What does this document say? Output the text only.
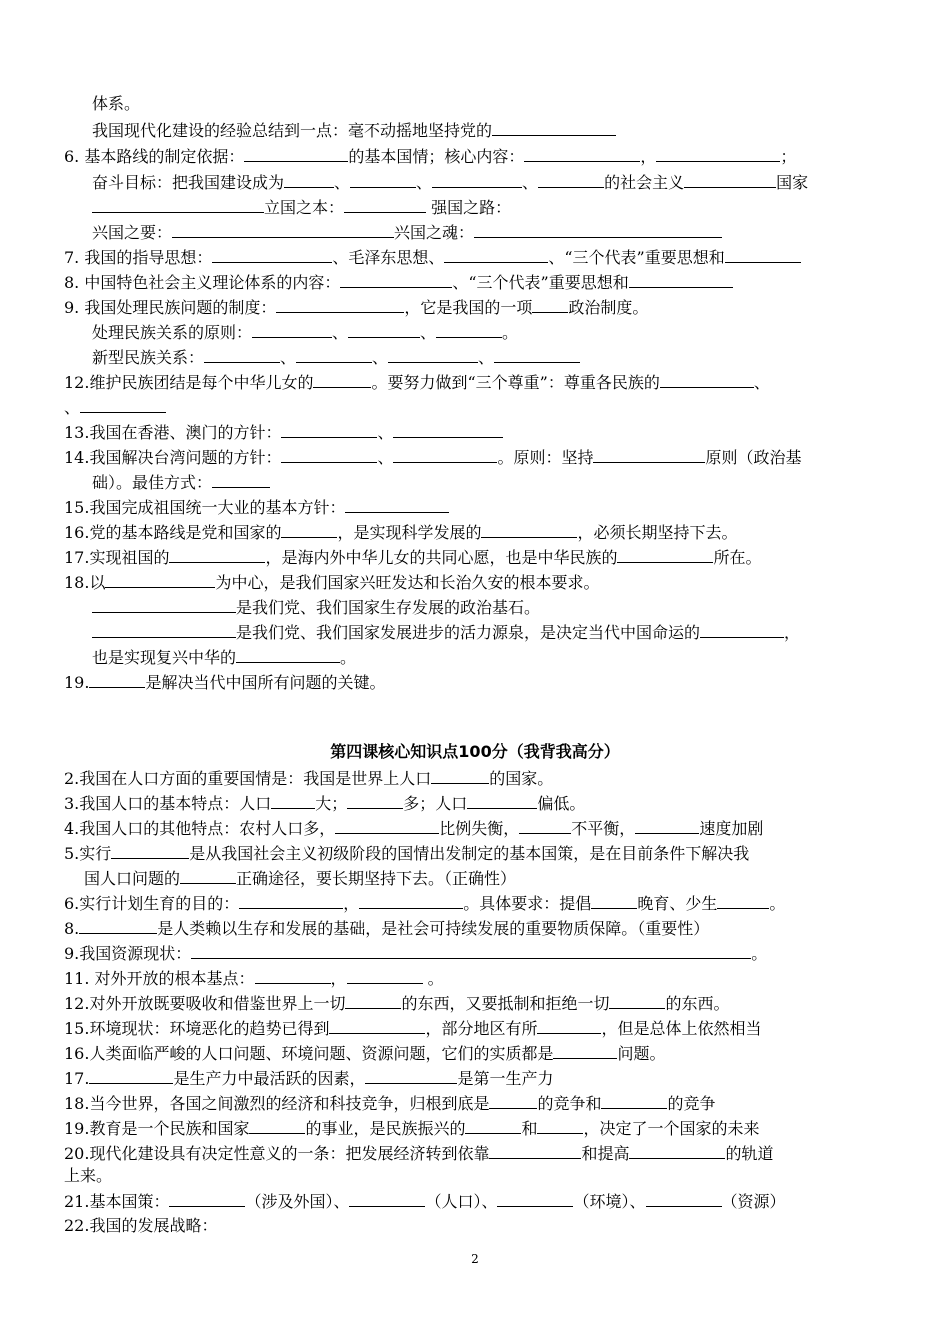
体系。
我国现代化建设的经验总结到一点：毫不动摇地坚持党的
6. 基本路线的制定依据：	的基本国情；核心内容：	，	；
奋斗目标：把我国建设成为	、	、	、	的社会主义	国家
立国之本：	强国之路：
兴国之要：	兴国之魂：
7. 我国的指导思想：	、毛泽东思想、	、“三个代表”重要思想和
8. 中国特色社会主义理论体系的内容：	、“三个代表”重要思想和
9. 我国处理民族问题的制度：	，它是我国的一项 政治制度。
处理民族关系的原则：	、	、	。
新型民族关系：	、	、	、
12.维护民族团结是每个中华儿女的	。要努力做到“三个尊重”：尊重各民族的	、
、
13.我国在香港、澳门的方针：	、
14.我国解决台湾问题的方针：	、	。原则：坚持	原则（政治基
础）。最佳方式：
15.我国完成祖国统一大业的基本方针：
16.党的基本路线是党和国家的	，是实现科学发展的	，必须长期坚持下去。
17.实现祖国的	，是海内外中华儿女的共同心愿，也是中华民族的	所在。
18.以	为中心，是我们国家兴旺发达和长治久安的根本要求。
是我们党、我们国家生存发展的政治基石。
是我们党、我们国家发展进步的活力源泉，是决定当代中国命运的	，
也是实现复兴中华的	。
19.	是解决当代中国所有问题的关键。
第四课核心知识点100分（我背我高分）
2.我国在人口方面的重要国情是：我国是世界上人口	的国家。
3.我国人口的基本特点：人口	大；	多；人口	偏低。
4.我国人口的其他特点：农村人口多，	比例失衡，	不平衡，	速度加剧
5.实行	是从我国社会主义初级阶段的国情出发制定的基本国策，是在目前条件下解决我
国人口问题的	正确途径，要长期坚持下去。（正确性）
6.实行计划生育的目的：	，	。具体要求：提倡	晚育、少生	。
8.	是人类赖以生存和发展的基础，是社会可持续发展的重要物质保障。（重要性）
9.我国资源现状：	。
11. 对外开放的根本基点：	，	。
12.对外开放既要吸收和借鉴世界上一切	的东西，又要抵制和拒绝一切	的东西。
15.环境现状：环境恶化的趋势已得到	，部分地区有所	，但是总体上依然相当
16.人类面临严峻的人口问题、环境问题、资源问题，它们的实质都是	问题。
17.	是生产力中最活跃的因素，	是第一生产力
18.当今世界，各国之间激烈的经济和科技竞争，归根到底是	的竞争和	的竞争
19.教育是一个民族和国家	的事业，是民族振兴的	和	，决定了一个国家的未来
20.现代化建设具有决定性意义的一条：把发展经济转到依靠	和提高	的轨道
上来。
21.基本国策：	（涉及外国）、	（人口）、	（环境）、	（资源）
22.我国的发展战略：
2
